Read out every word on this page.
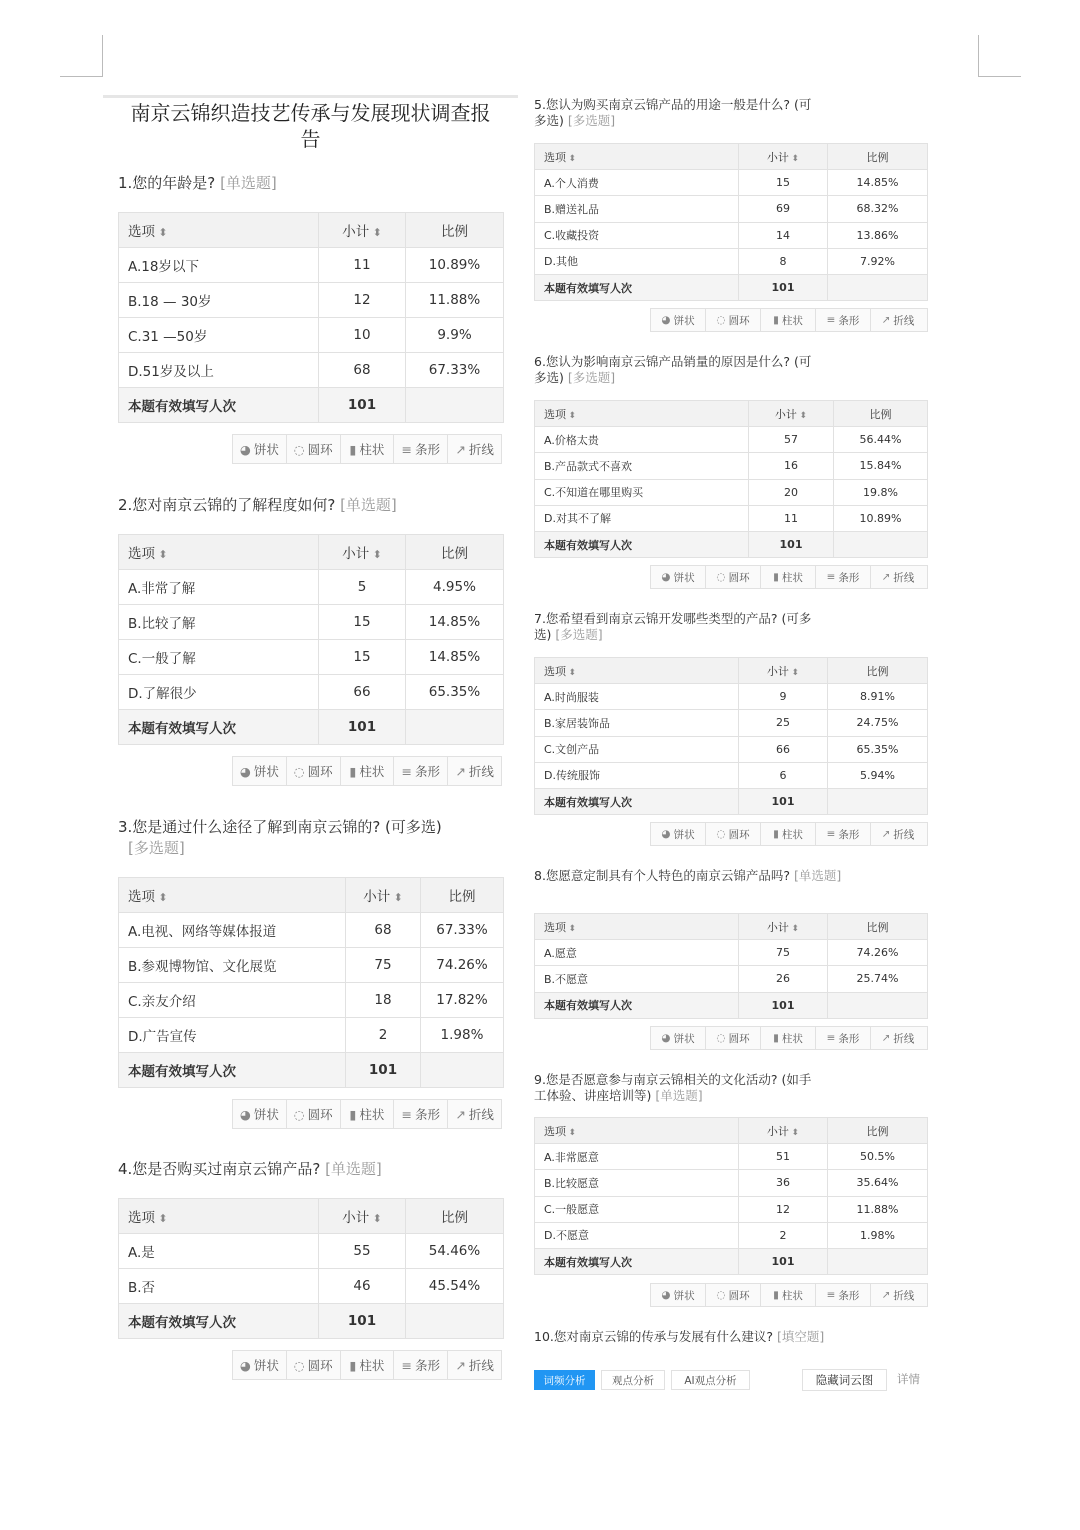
南京云锦织造技艺传承与发展现状调查报
告
1.您的年龄是? [单选题]
选项 ⬍	小计 ⬍	比例
A.18岁以下	11	10.89%
B.18 — 30岁	12	11.88%
C.31 —50岁	10	9.9%
D.51岁及以上	68	67.33%
本题有效填写人次	101	
◕ 饼状 ◌ 圆环 ▮ 柱状 ≡ 条形 ↗ 折线
2.您对南京云锦的了解程度如何? [单选题]
选项 ⬍	小计 ⬍	比例
A.非常了解	5	4.95%
B.比较了解	15	14.85%
C.一般了解	15	14.85%
D.了解很少	66	65.35%
本题有效填写人次	101	
◕ 饼状 ◌ 圆环 ▮ 柱状 ≡ 条形 ↗ 折线
3.您是通过什么途径了解到南京云锦的? (可多选)
[多选题]
选项 ⬍	小计 ⬍	比例
A.电视、网络等媒体报道	68	67.33%
B.参观博物馆、文化展览	75	74.26%
C.亲友介绍	18	17.82%
D.广告宣传	2	1.98%
本题有效填写人次	101	
◕ 饼状 ◌ 圆环 ▮ 柱状 ≡ 条形 ↗ 折线
4.您是否购买过南京云锦产品? [单选题]
选项 ⬍	小计 ⬍	比例
A.是	55	54.46%
B.否	46	45.54%
本题有效填写人次	101	
◕ 饼状 ◌ 圆环 ▮ 柱状 ≡ 条形 ↗ 折线
5.您认为购买南京云锦产品的用途一般是什么? (可
多选) [多选题]
选项 ⬍	小计 ⬍	比例
A.个人消费	15	14.85%
B.赠送礼品	69	68.32%
C.收藏投资	14	13.86%
D.其他	8	7.92%
本题有效填写人次	101	
◕ 饼状 ◌ 圆环 ▮ 柱状 ≡ 条形 ↗ 折线
6.您认为影响南京云锦产品销量的原因是什么? (可
多选) [多选题]
选项 ⬍	小计 ⬍	比例
A.价格太贵	57	56.44%
B.产品款式不喜欢	16	15.84%
C.不知道在哪里购买	20	19.8%
D.对其不了解	11	10.89%
本题有效填写人次	101	
◕ 饼状 ◌ 圆环 ▮ 柱状 ≡ 条形 ↗ 折线
7.您希望看到南京云锦开发哪些类型的产品? (可多
选) [多选题]
选项 ⬍	小计 ⬍	比例
A.时尚服装	9	8.91%
B.家居装饰品	25	24.75%
C.文创产品	66	65.35%
D.传统服饰	6	5.94%
本题有效填写人次	101	
◕ 饼状 ◌ 圆环 ▮ 柱状 ≡ 条形 ↗ 折线
8.您愿意定制具有个人特色的南京云锦产品吗? [单选题]
选项 ⬍	小计 ⬍	比例
A.愿意	75	74.26%
B.不愿意	26	25.74%
本题有效填写人次	101	
◕ 饼状 ◌ 圆环 ▮ 柱状 ≡ 条形 ↗ 折线
9.您是否愿意参与南京云锦相关的文化活动? (如手
工体验、讲座培训等) [单选题]
选项 ⬍	小计 ⬍	比例
A.非常愿意	51	50.5%
B.比较愿意	36	35.64%
C.一般愿意	12	11.88%
D.不愿意	2	1.98%
本题有效填写人次	101	
◕ 饼状 ◌ 圆环 ▮ 柱状 ≡ 条形 ↗ 折线
10.您对南京云锦的传承与发展有什么建议? [填空题]
词频分析	观点分析	AI观点分析	隐藏词云图	详情
